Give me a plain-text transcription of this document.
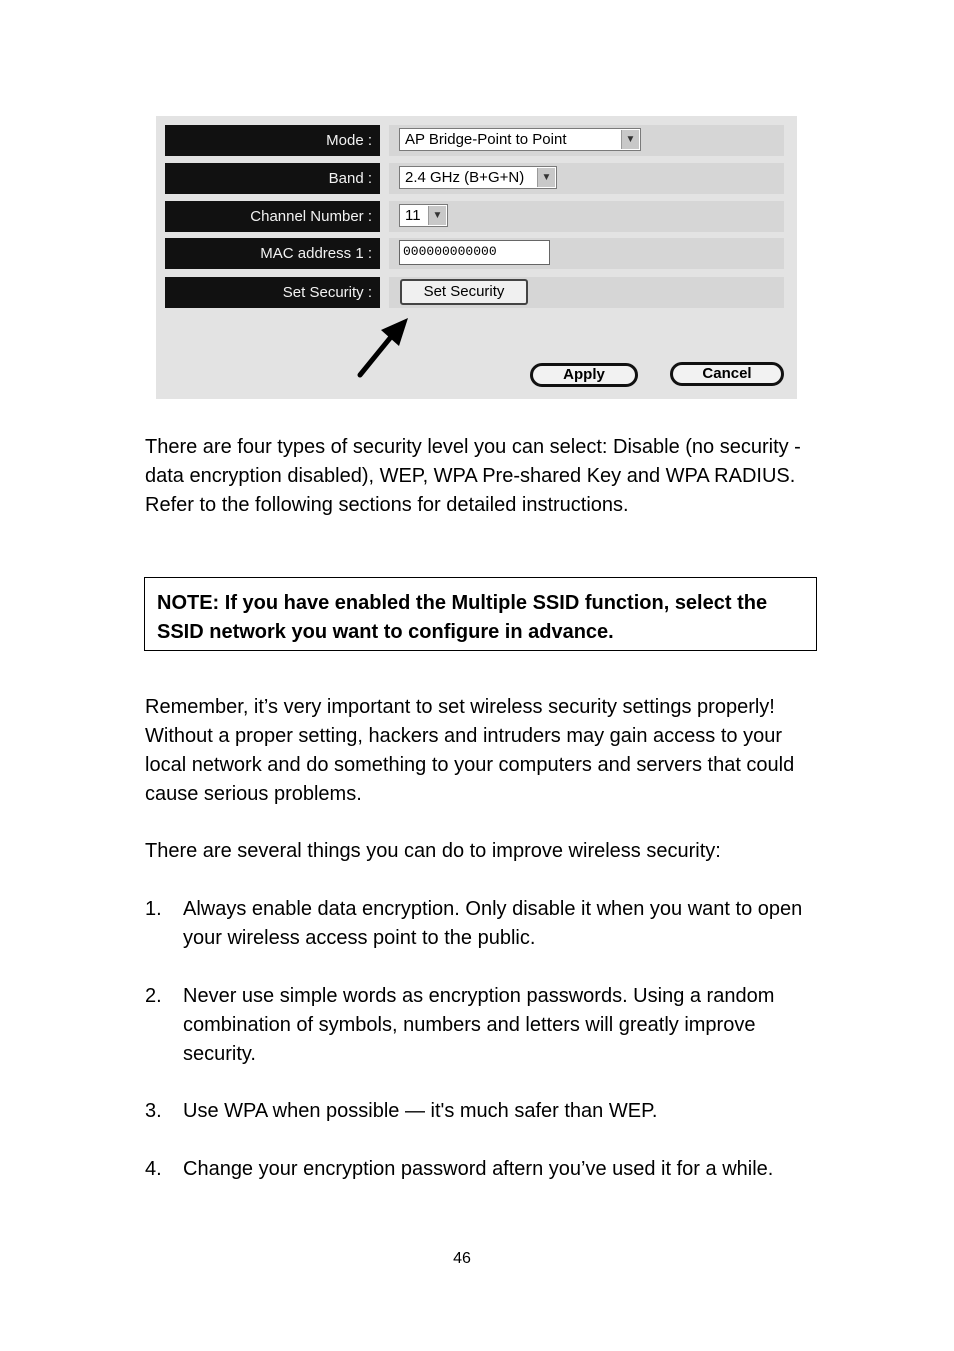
Mode :	AP Bridge-Point to Point	▼
Band :	2.4 GHz (B+G+N)	▼
Channel Number :	11	▼
MAC address 1 :	000000000000
Set Security :	Set Security
Apply	Cancel

There are four types of security level you can select: Disable (no security - data encryption disabled), WEP, WPA Pre-shared Key and WPA RADIUS. Refer to the following sections for detailed instructions.

NOTE: If you have enabled the Multiple SSID function, select the SSID network you want to configure in advance.

Remember, it’s very important to set wireless security settings properly! Without a proper setting, hackers and intruders may gain access to your local network and do something to your computers and servers that could cause serious problems.

There are several things you can do to improve wireless security:

1. Always enable data encryption. Only disable it when you want to open your wireless access point to the public.
2. Never use simple words as encryption passwords. Using a random combination of symbols, numbers and letters will greatly improve security.
3. Use WPA when possible — it's much safer than WEP.
4. Change your encryption password aftern you’ve used it for a while.
46
